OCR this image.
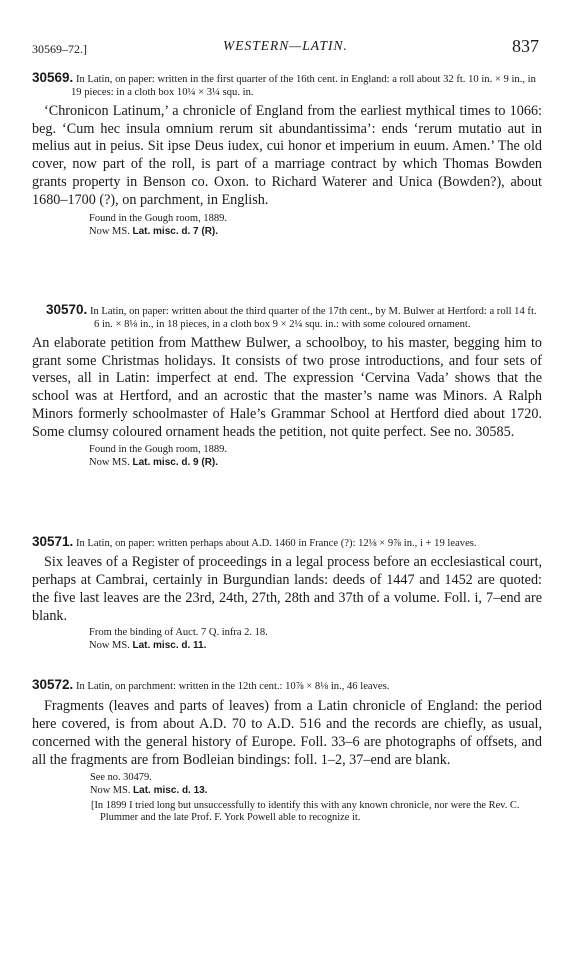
30569–72.]	WESTERN—LATIN.	837

30569. In Latin, on paper: written in the first quarter of the 16th cent. in England: a roll about 32 ft. 10 in. × 9 in., in 19 pieces: in a cloth box 10¼ × 3¼ squ. in.

‘Chronicon Latinum,’ a chronicle of England from the earliest mythical times to 1066: beg. ‘Cum hec insula omnium rerum sit abundantissima’: ends ‘rerum mutatio aut in melius aut in peius. Sit ipse Deus iudex, cui honor et imperium in euum. Amen.’ The old cover, now part of the roll, is part of a marriage contract by which Thomas Bowden grants property in Benson co. Oxon. to Richard Waterer and Unica (Bowden?), about 1680–1700 (?), on parchment, in English.

Found in the Gough room, 1889.
Now MS. Lat. misc. d. 7 (R).

30570. In Latin, on paper: written about the third quarter of the 17th cent., by M. Bulwer at Hertford: a roll 14 ft. 6 in. × 8⅛ in., in 18 pieces, in a cloth box 9 × 2¼ squ. in.: with some coloured ornament.

An elaborate petition from Matthew Bulwer, a schoolboy, to his master, begging him to grant some Christmas holidays. It consists of two prose introductions, and four sets of verses, all in Latin: imperfect at end. The expression ‘Cervina Vada’ shows that the school was at Hertford, and an acrostic that the master’s name was Minors. A Ralph Minors formerly schoolmaster of Hale’s Grammar School at Hertford died about 1720. Some clumsy coloured ornament heads the petition, not quite perfect. See no. 30585.

Found in the Gough room, 1889.
Now MS. Lat. misc. d. 9 (R).

30571. In Latin, on paper: written perhaps about A.D. 1460 in France (?): 12⅛ × 9⅞ in., i + 19 leaves.

Six leaves of a Register of proceedings in a legal process before an ecclesiastical court, perhaps at Cambrai, certainly in Burgundian lands: deeds of 1447 and 1452 are quoted: the five last leaves are the 23rd, 24th, 27th, 28th and 37th of a volume. Foll. i, 7–end are blank.

From the binding of Auct. 7 Q. infra 2. 18.
Now MS. Lat. misc. d. 11.

30572. In Latin, on parchment: written in the 12th cent.: 10⅞ × 8⅛ in., 46 leaves.

Fragments (leaves and parts of leaves) from a Latin chronicle of England: the period here covered, is from about A.D. 70 to A.D. 516 and the records are chiefly, as usual, concerned with the general history of Europe. Foll. 33–6 are photographs of offsets, and all the fragments are from Bodleian bindings: foll. 1–2, 37–end are blank.

See no. 30479.
Now MS. Lat. misc. d. 13.
[In 1899 I tried long but unsuccessfully to identify this with any known chronicle, nor were the Rev. C. Plummer and the late Prof. F. York Powell able to recognize it.
